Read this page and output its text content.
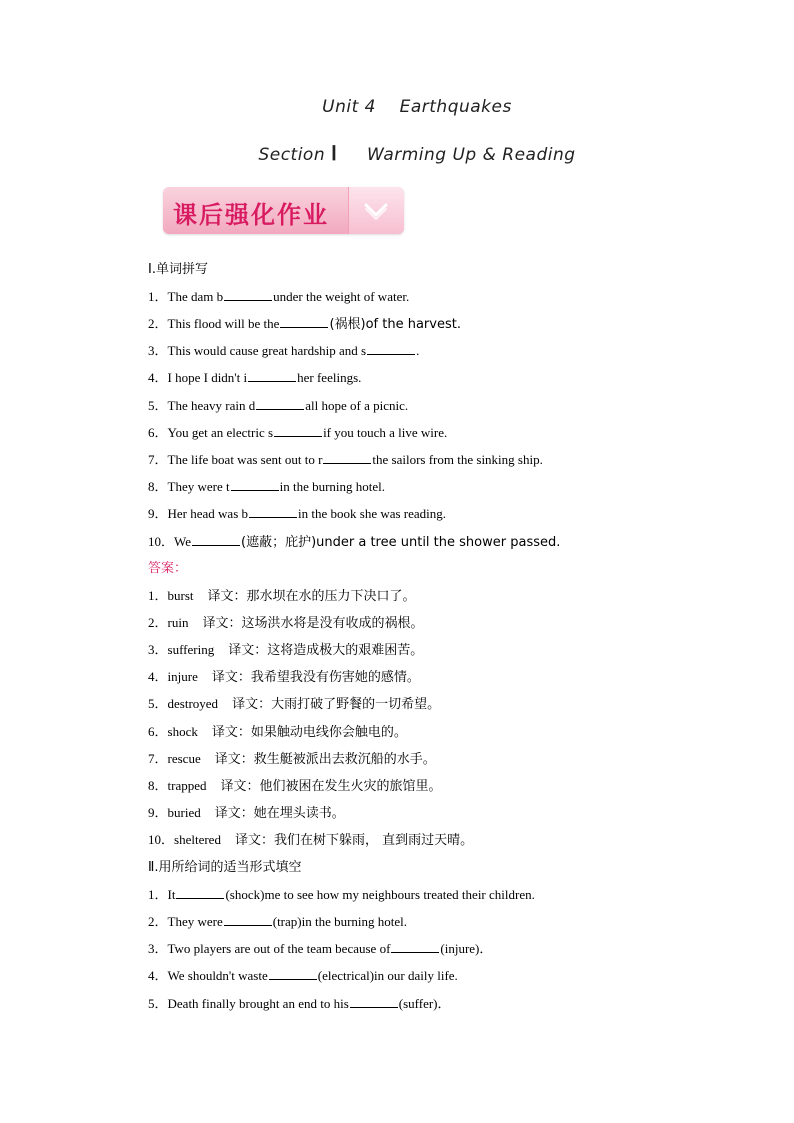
Unit 4 Earthquakes
Section Ⅰ Warming Up & Reading
课后强化作业
Ⅰ.单词拼写
1．The dam b	under the weight of water.
2．This flood will be the	(祸根)of the harvest.
3．This would cause great hardship and s	.
4．I hope I didn't i	her feelings.
5．The heavy rain d	all hope of a picnic.
6．You get an electric s	if you touch a live wire.
7．The life boat was sent out to r	the sailors from the sinking ship.
8．They were t	in the burning hotel.
9．Her head was b	in the book she was reading.
10．We	(遮蔽；庇护)under a tree until the shower passed.
答案：
1．burst 译文：那水坝在水的压力下决口了。
2．ruin 译文：这场洪水将是没有收成的祸根。
3．suffering 译文：这将造成极大的艰难困苦。
4．injure 译文：我希望我没有伤害她的感情。
5．destroyed 译文：大雨打破了野餐的一切希望。
6．shock 译文：如果触动电线你会触电的。
7．rescue 译文：救生艇被派出去救沉船的水手。
8．trapped 译文：他们被困在发生火灾的旅馆里。
9．buried 译文：她在埋头读书。
10．sheltered 译文：我们在树下躲雨， 直到雨过天晴。
Ⅱ.用所给词的适当形式填空
1．It	(shock)me to see how my neighbours treated their children.
2．They were	(trap)in the burning hotel.
3．Two players are out of the team because of	(injure)．
4．We shouldn't waste	(electrical)in our daily life.
5．Death finally brought an end to his	(suffer)．
